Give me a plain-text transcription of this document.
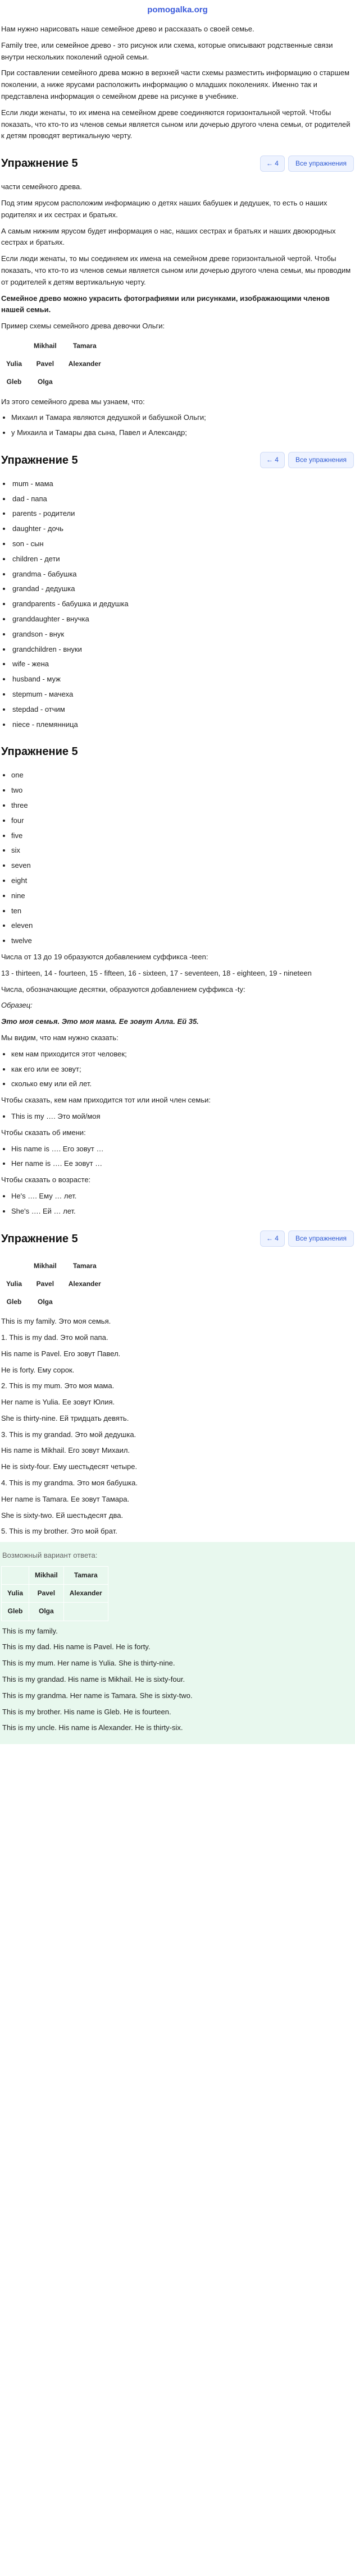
pomogalka.org

Нам нужно нарисовать наше семейное древо и рассказать о своей семье.

Family tree, или семейное древо - это рисунок или схема, которые описывают родственные связи внутри нескольких поколений одной семьи.

При составлении семейного древа можно в верхней части схемы разместить информацию о старшем поколении, а ниже ярусами расположить информацию о младших поколениях. Именно так и представлена информация о семейном древе на рисунке в учебнике.

Если люди женаты, то их имена на семейном древе соединяются горизонтальной чертой. Чтобы показать, что кто-то из членов семьи является сыном или дочерью другого члена семьи, от родителей к детям проводят вертикальную черту.

Упражнение 5	← 4	Все упражнения

части семейного древа.

Под этим ярусом расположим информацию о детях наших бабушек и дедушек, то есть о наших родителях и их сестрах и братьях.

А самым нижним ярусом будет информация о нас, наших сестрах и братьях и наших двоюродных сестрах и братьях.

Если люди женаты, то мы соединяем их имена на семейном древе горизонтальной чертой. Чтобы показать, что кто-то из членов семьи является сыном или дочерью другого члена семьи, мы проводим от родителей к детям вертикальную черту.

Семейное древо можно украсить фотографиями или рисунками, изображающими членов нашей семьи.

Пример схемы семейного древа девочки Ольги:

	Mikhail	Tamara
Yulia	Pavel	Alexander
Gleb	Olga	

Из этого семейного древа мы узнаем, что:

• Михаил и Тамара являются дедушкой и бабушкой Ольги;
• у Михаила и Тамары два сына, Павел и Александр;
Упражнение 5	← 4	Все упражнения
• mum - мама
• dad - папа
• parents - родители
• daughter - дочь
• son - сын
• children - дети
• grandma - бабушка
• grandad - дедушка
• grandparents - бабушка и дедушка
• granddaughter - внучка
• grandson - внук
• grandchildren - внуки
• wife - жена
• husband - муж
• stepmum - мачеха
• stepdad - отчим
• niece - племянница
Упражнение 5
• one
• two
• three
• four
• five
• six
• seven
• eight
• nine
• ten
• eleven
• twelve

Числа от 13 до 19 образуются добавлением суффикса -teen:

13 - thirteen, 14 - fourteen, 15 - fifteen, 16 - sixteen, 17 - seventeen, 18 - eighteen, 19 - nineteen

Числа, обозначающие десятки, образуются добавлением суффикса -ty:

Образец:

Это моя семья. Это моя мама. Ее зовут Алла. Ей 35.

Мы видим, что нам нужно сказать:

• кем нам приходится этот человек;
• как его или ее зовут;
• сколько ему или ей лет.

Чтобы сказать, кем нам приходится тот или иной член семьи:

• This is my …. Это мой/моя

Чтобы сказать об имени:

• His name is …. Его зовут …
• Her name is …. Ее зовут …

Чтобы сказать о возрасте:

• He's …. Ему … лет.
• She's …. Ей … лет.
Упражнение 5	← 4	Все упражнения
	Mikhail	Tamara
Yulia	Pavel	Alexander
Gleb	Olga	

This is my family. Это моя семья.

1. This is my dad. Это мой папа.

His name is Pavel. Его зовут Павел.

He is forty. Ему сорок.

2. This is my mum. Это моя мама.

Her name is Yulia. Ее зовут Юлия.

She is thirty-nine. Ей тридцать девять.

3. This is my grandad. Это мой дедушка.

His name is Mikhail. Его зовут Михаил.

He is sixty-four. Ему шестьдесят четыре.

4. This is my grandma. Это моя бабушка.

Her name is Tamara. Ее зовут Тамара.

She is sixty-two. Ей шестьдесят два.

5. This is my brother. Это мой брат.

Возможный вариант ответа:

	Mikhail	Tamara
Yulia	Pavel	Alexander
Gleb	Olga	

This is my family.

This is my dad. His name is Pavel. He is forty.

This is my mum. Her name is Yulia. She is thirty-nine.

This is my grandad. His name is Mikhail. He is sixty-four.

This is my grandma. Her name is Tamara. She is sixty-two.

This is my brother. His name is Gleb. He is fourteen.

This is my uncle. His name is Alexander. He is thirty-six.
